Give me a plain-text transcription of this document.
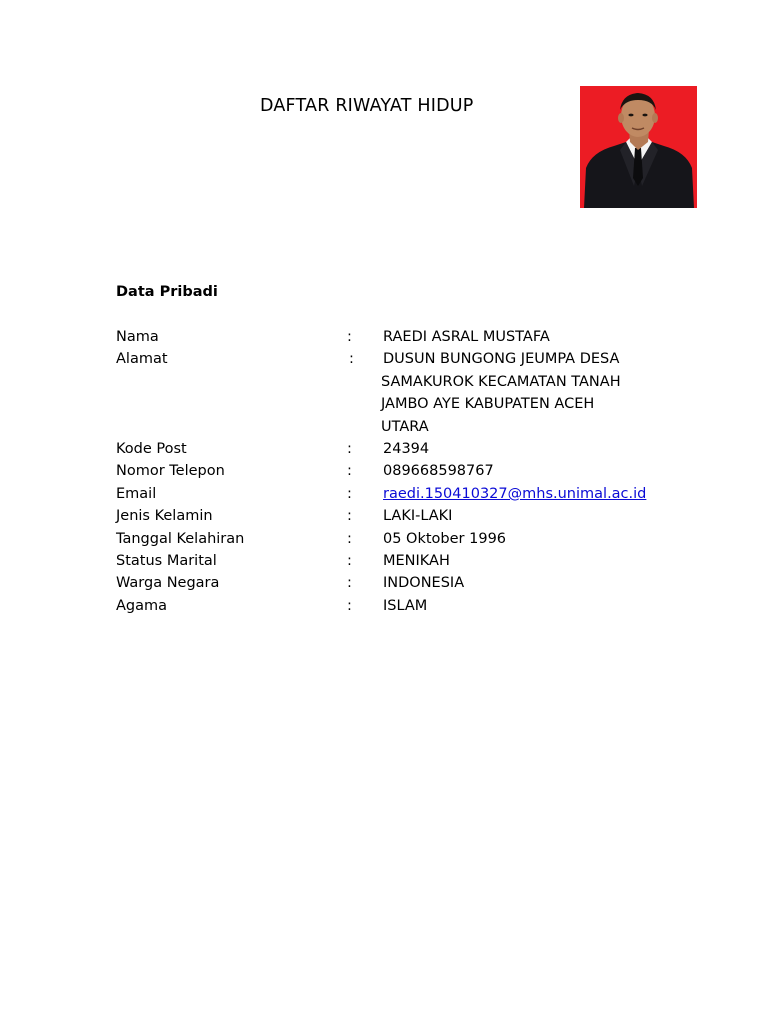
DAFTAR RIWAYAT HIDUP
Data Pribadi
Nama	: RAEDI ASRAL MUSTAFA
Alamat	: DUSUN BUNGONG JEUMPA DESA
SAMAKUROK KECAMATAN TANAH
JAMBO AYE KABUPATEN ACEH
UTARA
Kode Post	: 24394
Nomor Telepon	: 089668598767
Email	: raedi.150410327@mhs.unimal.ac.id
Jenis Kelamin	: LAKI-LAKI
Tanggal Kelahiran	: 05 Oktober 1996
Status Marital	: MENIKAH
Warga Negara	: INDONESIA
Agama	: ISLAM
